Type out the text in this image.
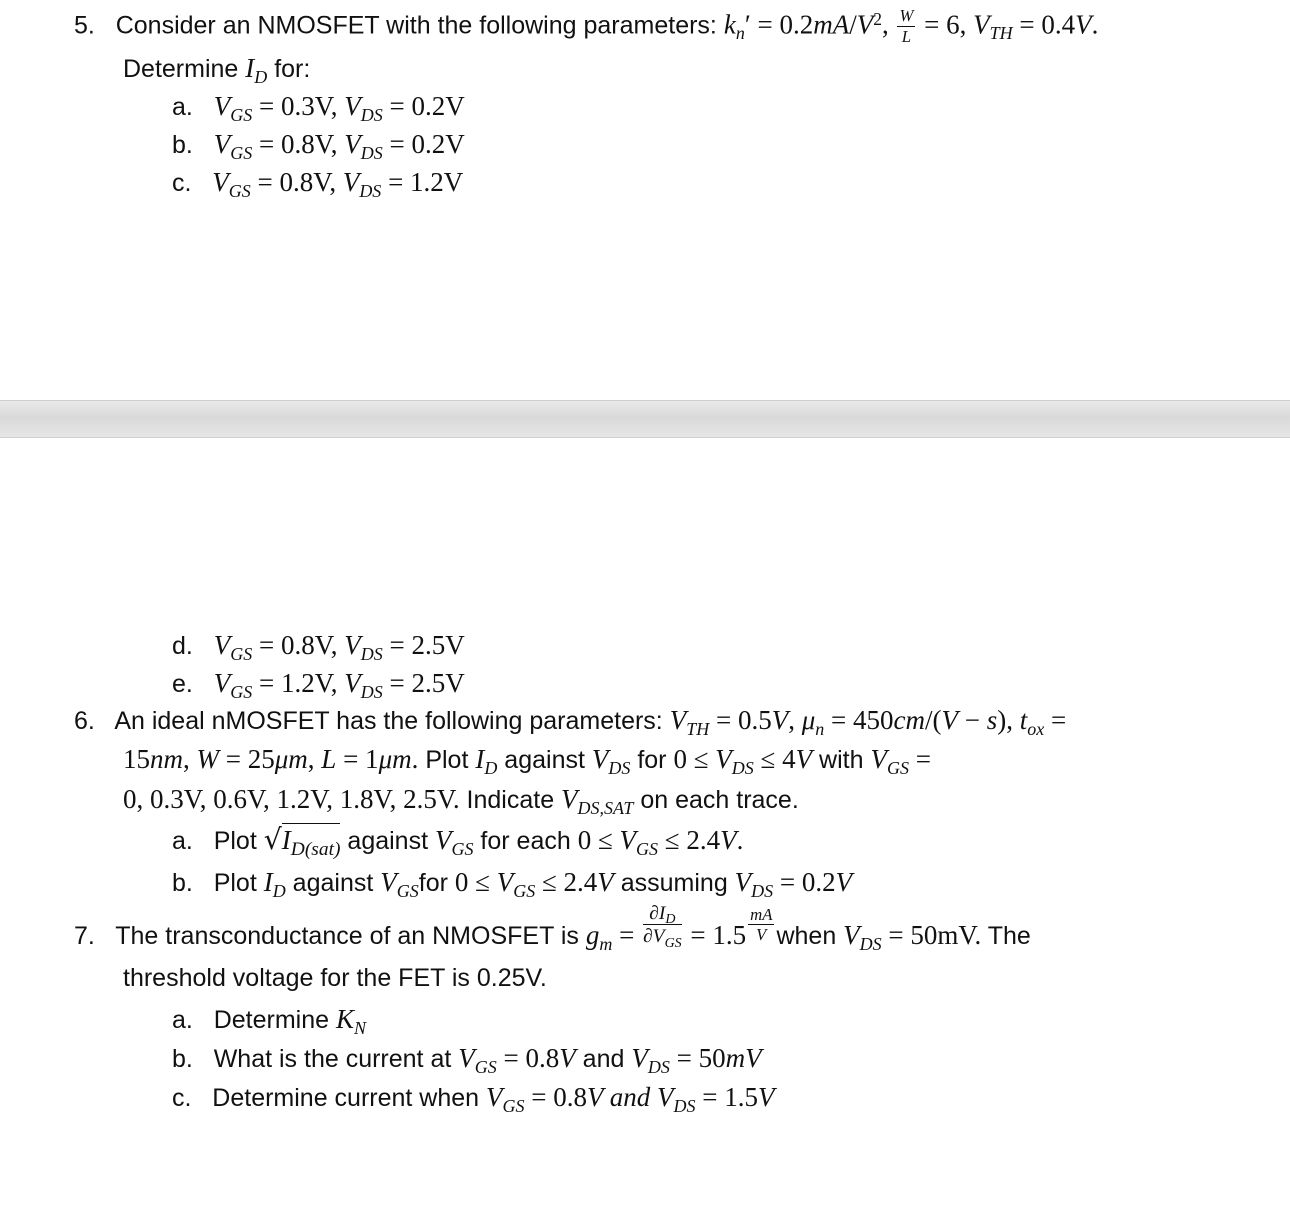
5. Consider an NMOSFET with the following parameters: $k_n' = 0.2mA/V^2$, $\frac{W}{L} = 6$, $V_{TH} = 0.4V$.
Determine $I_D$ for:
a. $V_{GS} = 0.3V$, $V_{DS} = 0.2V$
b. $V_{GS} = 0.8V$, $V_{DS} = 0.2V$
c. $V_{GS} = 0.8V$, $V_{DS} = 1.2V$
d. $V_{GS} = 0.8V$, $V_{DS} = 2.5V$
e. $V_{GS} = 1.2V$, $V_{DS} = 2.5V$
6. An ideal nMOSFET has the following parameters: $V_{TH} = 0.5V$, $\mu_n = 450cm/(V - s)$, $t_{ox}$ =
15nm, W = 25μm, L = 1μm. Plot $I_D$ against $V_{DS}$ for $0 \le V_{DS} \le 4V$ with $V_{GS}$ =
0, 0.3V, 0.6V, 1.2V, 1.8V, 2.5V. Indicate $V_{DS,SAT}$ on each trace.
a.   Plot $√I_{D(sat)}$ against $V_{GS}$ for each $0 \le V_{GS} \le 2.4V$.
b.   Plot $I_D$ against $V_{GS}for$ $0 \le V_{GS} \le 2.4V$ assuming $V_{DS} = 0.2V$
7. The transconductance of an NMOSFET is $g_m = \frac{\partial I_D}{\partial V_{GS}} = 1.5 \frac{mA}{V}$ when $V_{DS} = 50mV$. The
threshold voltage for the FET is 0.25V.
a.   Determine $K_N$
b.   What is the current at $V_{GS} = 0.8V$ and $V_{DS} = 50mV$
c.   Determine current when $V_{GS} = 0.8V$ and $V_{DS} = 1.5V$
